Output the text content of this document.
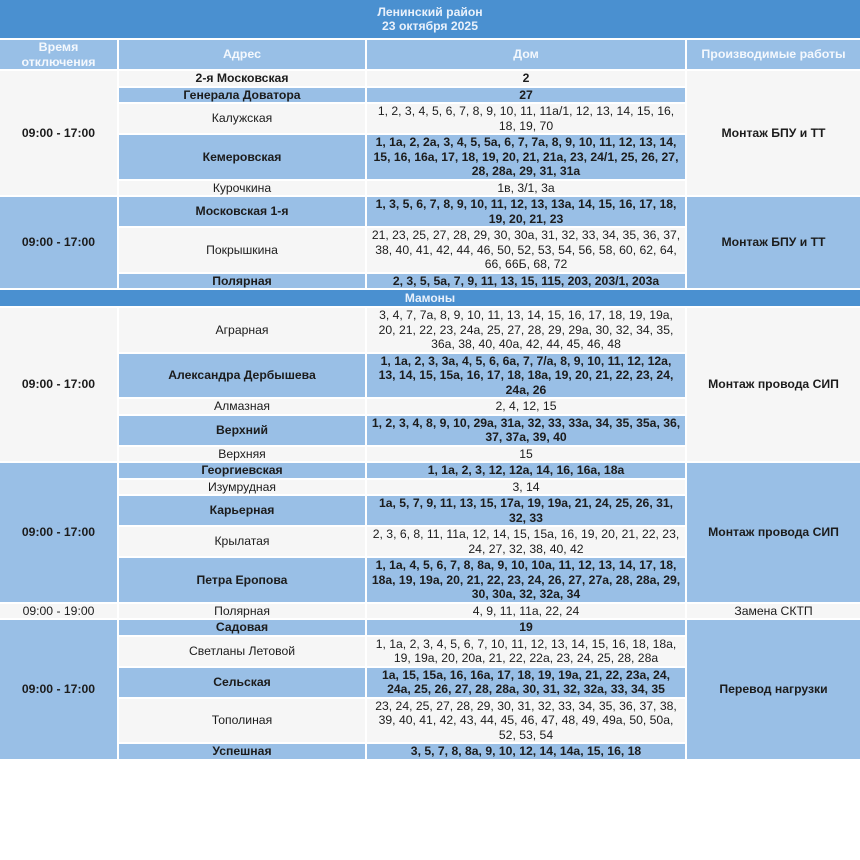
Ленинский район
23 октября 2025			

Время отключения	Адрес	Дом	Производимые работы
09:00 - 17:00	2-я Московская	2	Монтаж БПУ и ТТ
	Генерала Доватора	27	
	Калужская	1, 2, 3, 4, 5, 6, 7, 8, 9, 10, 11, 11а/1, 12, 13, 14, 15, 16, 18, 19, 70	
	Кемеровская	1, 1а, 2, 2а, 3, 4, 5, 5а, 6, 7, 7а, 8, 9, 10, 11, 12, 13, 14, 15, 16, 16а, 17, 18, 19, 20, 21, 21а, 23, 24/1, 25, 26, 27, 28, 28а, 29, 31, 31а	
	Курочкина	1в, 3/1, 3а	
09:00 - 17:00	Московская 1-я	1, 3, 5, 6, 7, 8, 9, 10, 11, 12, 13, 13а, 14, 15, 16, 17, 18, 19, 20, 21, 23	Монтаж БПУ и ТТ
	Покрышкина	21, 23, 25, 27, 28, 29, 30, 30а, 31, 32, 33, 34, 35, 36, 37, 38, 40, 41, 42, 44, 46, 50, 52, 53, 54, 56, 58, 60, 62, 64, 66, 66Б, 68, 72	
	Полярная	2, 3, 5, 5а, 7, 9, 11, 13, 15, 115, 203, 203/1, 203а	
Мамоны			
09:00 - 17:00	Аграрная	3, 4, 7, 7а, 8, 9, 10, 11, 13, 14, 15, 16, 17, 18, 19, 19а, 20, 21, 22, 23, 24а, 25, 27, 28, 29, 29а, 30, 32, 34, 35, 36а, 38, 40, 40а, 42, 44, 45, 46, 48	Монтаж провода СИП
	Александра Дербышева	1, 1а, 2, 3, 3а, 4, 5, 6, 6а, 7, 7/а, 8, 9, 10, 11, 12, 12а, 13, 14, 15, 15а, 16, 17, 18, 18а, 19, 20, 21, 22, 23, 24, 24а, 26	
	Алмазная	2, 4, 12, 15	
	Верхний	1, 2, 3, 4, 8, 9, 10, 29а, 31а, 32, 33, 33а, 34, 35, 35а, 36, 37, 37а, 39, 40	
	Верхняя	15	
09:00 - 17:00	Георгиевская	1, 1а, 2, 3, 12, 12а, 14, 16, 16а, 18а	Монтаж провода СИП
	Изумрудная	3, 14	
	Карьерная	1а, 5, 7, 9, 11, 13, 15, 17а, 19, 19а, 21, 24, 25, 26, 31, 32, 33	
	Крылатая	2, 3, 6, 8, 11, 11а, 12, 14, 15, 15а, 16, 19, 20, 21, 22, 23, 24, 27, 32, 38, 40, 42	
	Петра Еропова	1, 1а, 4, 5, 6, 7, 8, 8а, 9, 10, 10а, 11, 12, 13, 14, 17, 18, 18а, 19, 19а, 20, 21, 22, 23, 24, 26, 27, 27а, 28, 28а, 29, 30, 30а, 32, 32а, 34	
09:00 - 19:00	Полярная	4, 9, 11, 11а, 22, 24	Замена СКТП
09:00 - 17:00	Садовая	19	Перевод нагрузки
	Светланы Летовой	1, 1а, 2, 3, 4, 5, 6, 7, 10, 11, 12, 13, 14, 15, 16, 18, 18а, 19, 19а, 20, 20а, 21, 22, 22а, 23, 24, 25, 28, 28а	
	Сельская	1а, 15, 15а, 16, 16а, 17, 18, 19, 19а, 21, 22, 23а, 24, 24а, 25, 26, 27, 28, 28а, 30, 31, 32, 32а, 33, 34, 35	
	Тополиная	23, 24, 25, 27, 28, 29, 30, 31, 32, 33, 34, 35, 36, 37, 38, 39, 40, 41, 42, 43, 44, 45, 46, 47, 48, 49, 49а, 50, 50а, 52, 53, 54	
	Успешная	3, 5, 7, 8, 8а, 9, 10, 12, 14, 14а, 15, 16, 18	
